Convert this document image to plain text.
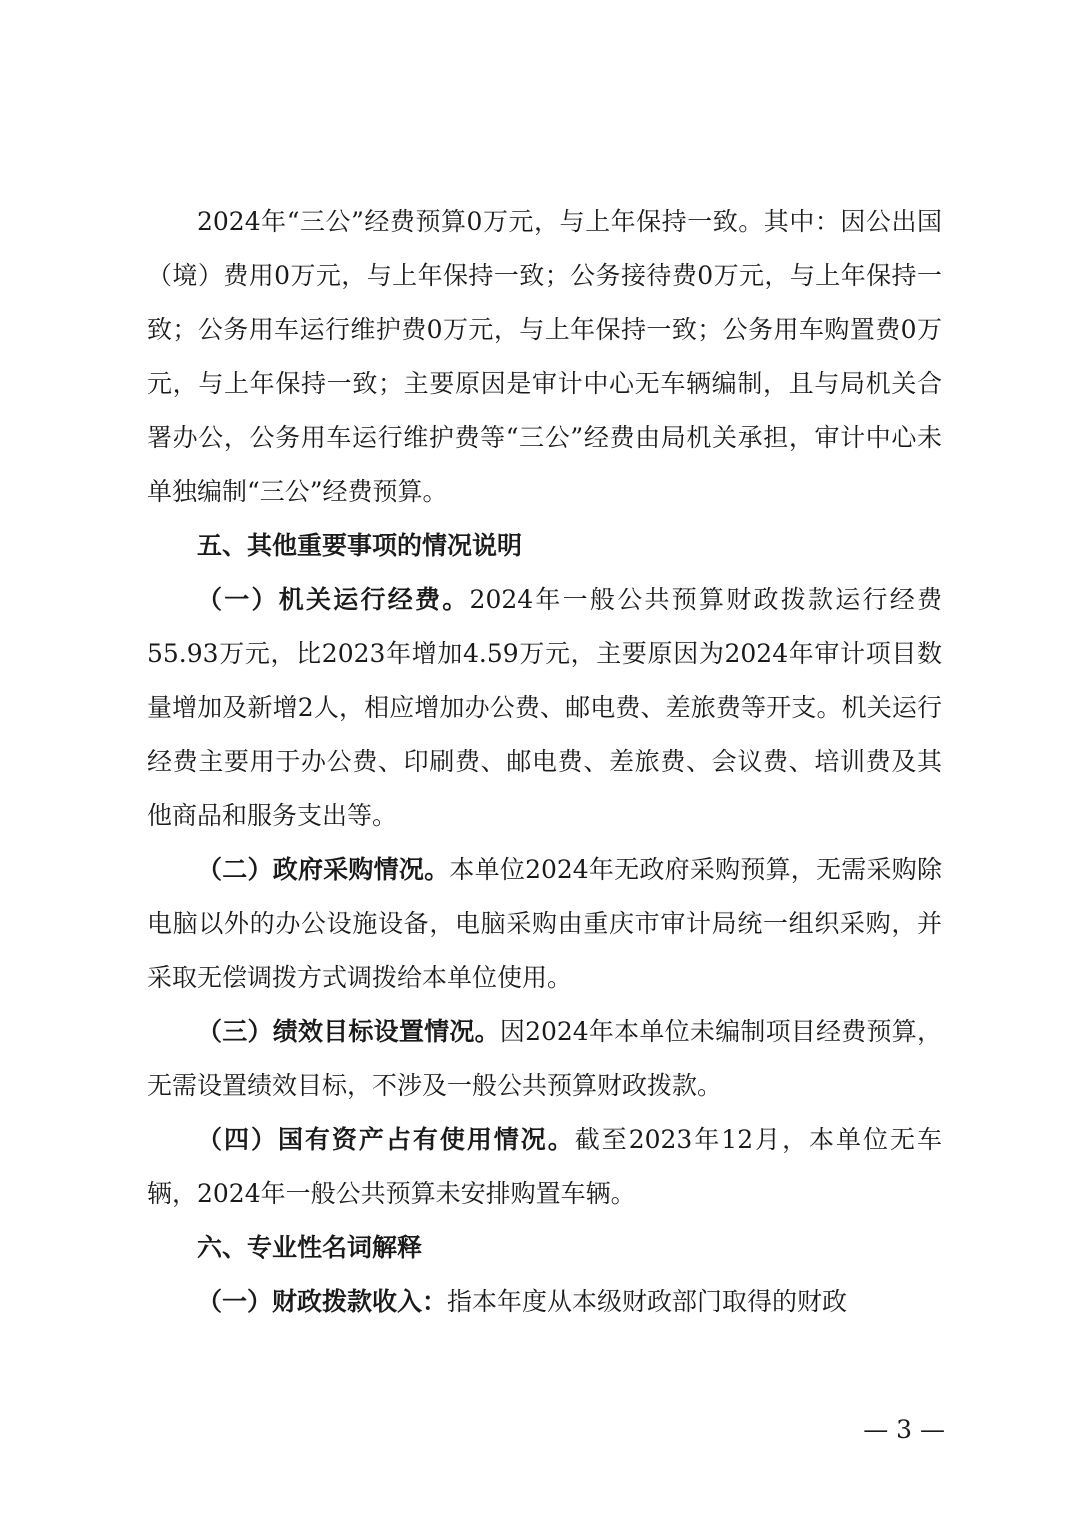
2024年“三公”经费预算0万元，与上年保持一致。其中：因公出国（境）费用0万元，与上年保持一致；公务接待费0万元，与上年保持一致；公务用车运行维护费0万元，与上年保持一致；公务用车购置费0万元，与上年保持一致；主要原因是审计中心无车辆编制，且与局机关合署办公，公务用车运行维护费等“三公”经费由局机关承担，审计中心未单独编制“三公”经费预算。

五、其他重要事项的情况说明

（一）机关运行经费。2024年一般公共预算财政拨款运行经费55.93万元，比2023年增加4.59万元，主要原因为2024年审计项目数量增加及新增2人，相应增加办公费、邮电费、差旅费等开支。机关运行经费主要用于办公费、印刷费、邮电费、差旅费、会议费、培训费及其他商品和服务支出等。

（二）政府采购情况。本单位2024年无政府采购预算，无需采购除电脑以外的办公设施设备，电脑采购由重庆市审计局统一组织采购，并采取无偿调拨方式调拨给本单位使用。

（三）绩效目标设置情况。因2024年本单位未编制项目经费预算，无需设置绩效目标，不涉及一般公共预算财政拨款。

（四）国有资产占有使用情况。截至2023年12月，本单位无车辆，2024年一般公共预算未安排购置车辆。

六、专业性名词解释

（一）财政拨款收入：指本年度从本级财政部门取得的财政

— 3 —
